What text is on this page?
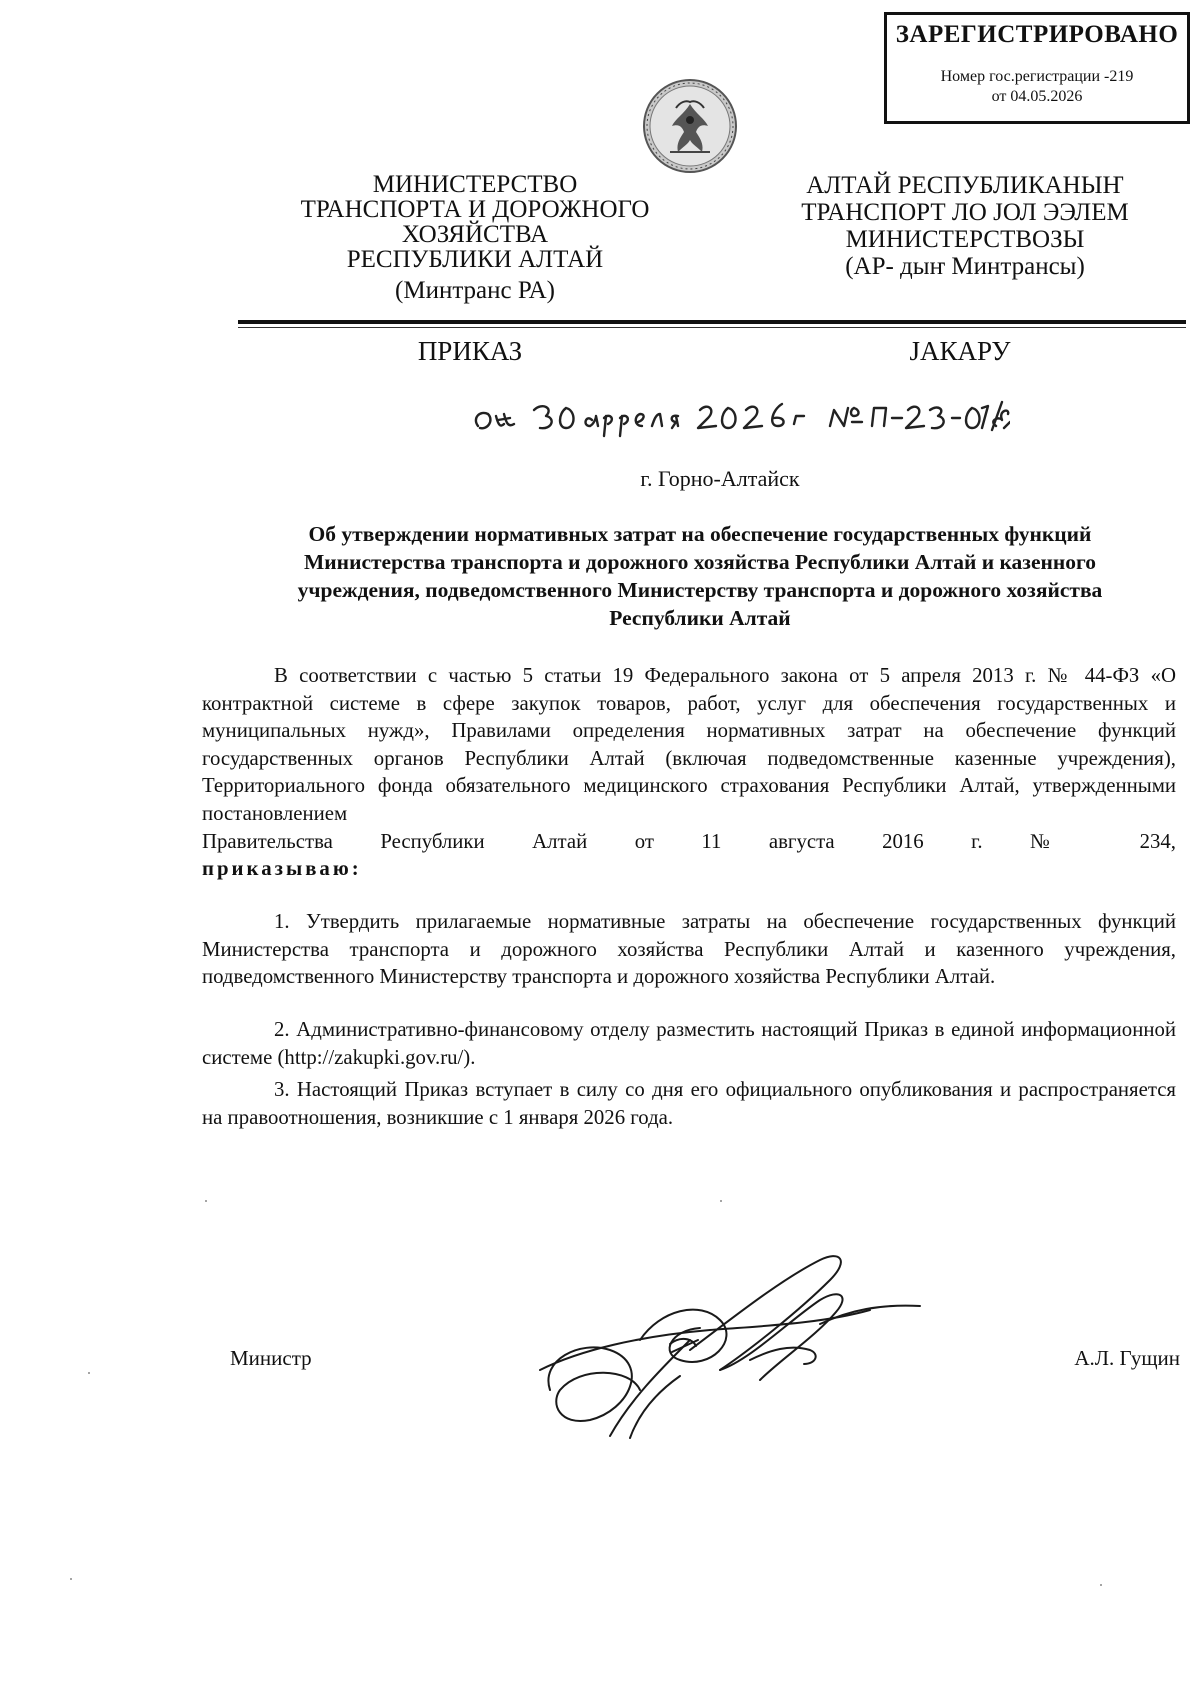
ЗАРЕГИСТРИРОВАНО
Номер гос.регистрации -219
от 04.05.2026
МИНИСТЕРСТВО
ТРАНСПОРТА И ДОРОЖНОГО
ХОЗЯЙСТВА
РЕСПУБЛИКИ АЛТАЙ
(Минтранс РА)
АЛТАЙ РЕСПУБЛИКАНЫҤ
ТРАНСПОРТ ЛО ЈОЛ ЭЭЛЕМ
МИНИСТЕРСТВОЗЫ
(АР- дыҥ Минтрансы)
ПРИКАЗ	ЈАКАРУ
г. Горно-Алтайск
Об утверждении нормативных затрат на обеспечение государственных функций
Министерства транспорта и дорожного хозяйства Республики Алтай и казенного
учреждения, подведомственного Министерству транспорта и дорожного хозяйства
Республики Алтай
В соответствии с частью 5 статьи 19 Федерального закона от 5 апреля 2013 г. № 44-ФЗ «О контрактной системе в сфере закупок товаров, работ, услуг для обеспечения государственных и муниципальных нужд», Правилами определения нормативных затрат на обеспечение функций государственных органов Республики Алтай (включая подведомственные казенные учреждения), Территориального фонда обязательного медицинского страхования Республики Алтай, утвержденными постановлением
Правительства Республики Алтай от 11 августа 2016 г. № 234,
приказываю:
1. Утвердить прилагаемые нормативные затраты на обеспечение государственных функций Министерства транспорта и дорожного хозяйства Республики Алтай и казенного учреждения, подведомственного Министерству транспорта и дорожного хозяйства Республики Алтай.
2. Административно-финансовому отделу разместить настоящий Приказ в единой информационной системе (http://zakupki.gov.ru/).
3. Настоящий Приказ вступает в силу со дня его официального опубликования и распространяется на правоотношения, возникшие с 1 января 2026 года.
Министр	А.Л. Гущин
